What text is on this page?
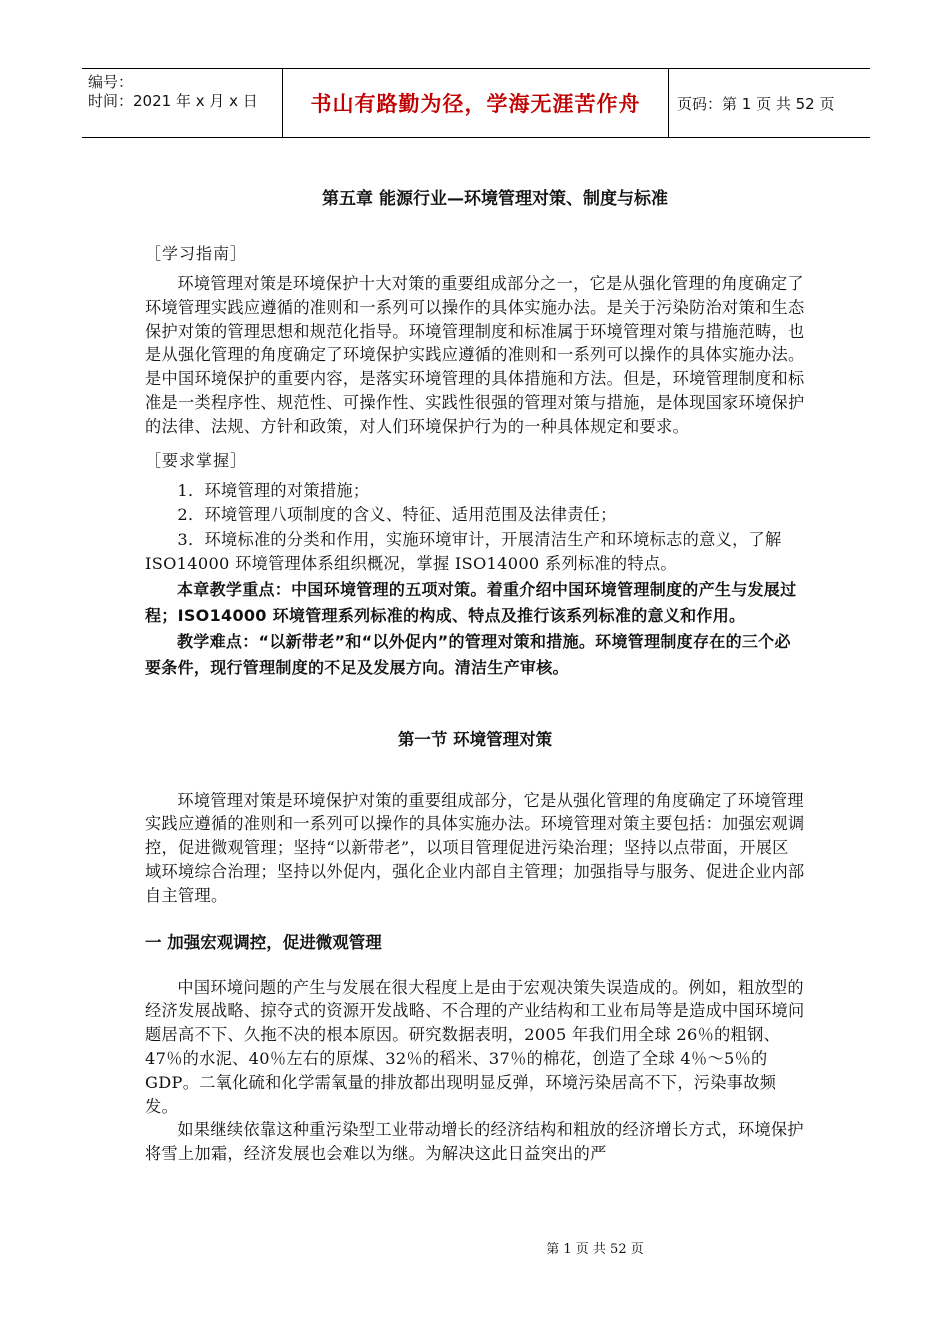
编号：
时间：2021 年 x 月 x 日	书山有路勤为径，学海无涯苦作舟	页码：第 1 页 共 52 页
第五章 能源行业—环境管理对策、制度与标准
［学习指南］

环境管理对策是环境保护十大对策的重要组成部分之一，它是从强化管理的角度确定了环境管理实践应遵循的准则和一系列可以操作的具体实施办法。是关于污染防治对策和生态保护对策的管理思想和规范化指导。环境管理制度和标准属于环境管理对策与措施范畴，也是从强化管理的角度确定了环境保护实践应遵循的准则和一系列可以操作的具体实施办法。是中国环境保护的重要内容，是落实环境管理的具体措施和方法。但是，环境管理制度和标准是一类程序性、规范性、可操作性、实践性很强的管理对策与措施，是体现国家环境保护的法律、法规、方针和政策，对人们环境保护行为的一种具体规定和要求。

［要求掌握］

1．环境管理的对策措施；

2．环境管理八项制度的含义、特征、适用范围及法律责任；

3．环境标准的分类和作用，实施环境审计，开展清洁生产和环境标志的意义，了解 ISO14000 环境管理体系组织概况，掌握 ISO14000 系列标准的特点。

本章教学重点：中国环境管理的五项对策。着重介绍中国环境管理制度的产生与发展过程；ISO14000 环境管理系列标准的构成、特点及推行该系列标准的意义和作用。

教学难点：“以新带老”和“以外促内”的管理对策和措施。环境管理制度存在的三个必要条件，现行管理制度的不足及发展方向。清洁生产审核。

第一节 环境管理对策

环境管理对策是环境保护对策的重要组成部分，它是从强化管理的角度确定了环境管理实践应遵循的准则和一系列可以操作的具体实施办法。环境管理对策主要包括：加强宏观调控，促进微观管理；坚持“以新带老”，以项目管理促进污染治理；坚持以点带面，开展区域环境综合治理；坚持以外促内，强化企业内部自主管理；加强指导与服务、促进企业内部自主管理。

一 加强宏观调控，促进微观管理

中国环境问题的产生与发展在很大程度上是由于宏观决策失误造成的。例如，粗放型的经济发展战略、掠夺式的资源开发战略、不合理的产业结构和工业布局等是造成中国环境问题居高不下、久拖不决的根本原因。研究数据表明，2005 年我们用全球 26％的粗钢、47％的水泥、40％左右的原煤、32％的稻米、37％的棉花，创造了全球 4％～5％的 GDP。二氧化硫和化学需氧量的排放都出现明显反弹，环境污染居高不下，污染事故频发。

如果继续依靠这种重污染型工业带动增长的经济结构和粗放的经济增长方式，环境保护将雪上加霜，经济发展也会难以为继。为解决这此日益突出的严

第 1 页 共 52 页
